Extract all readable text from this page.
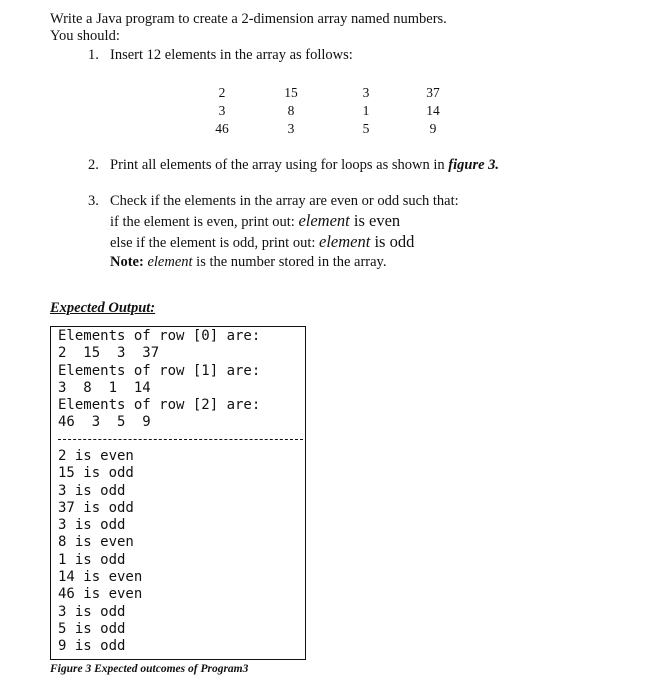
Write a Java program to create a 2-dimension array named numbers.
You should:
1. Insert 12 elements in the array as follows:
2	15	3	37
3	8	1	14
46	3	5	9
2. Print all elements of the array using for loops as shown in figure 3.
3. Check if the elements in the array are even or odd such that:
if the element is even, print out: element is even
else if the element is odd, print out: element is odd
Note: element is the number stored in the array.
Expected Output:
Elements of row [0] are:
2  15  3  37
Elements of row [1] are:
3  8  1  14
Elements of row [2] are:
46  3  5  9
2 is even
15 is odd
3 is odd
37 is odd
3 is odd
8 is even
1 is odd
14 is even
46 is even
3 is odd
5 is odd
9 is odd
Figure 3 Expected outcomes of Program3
